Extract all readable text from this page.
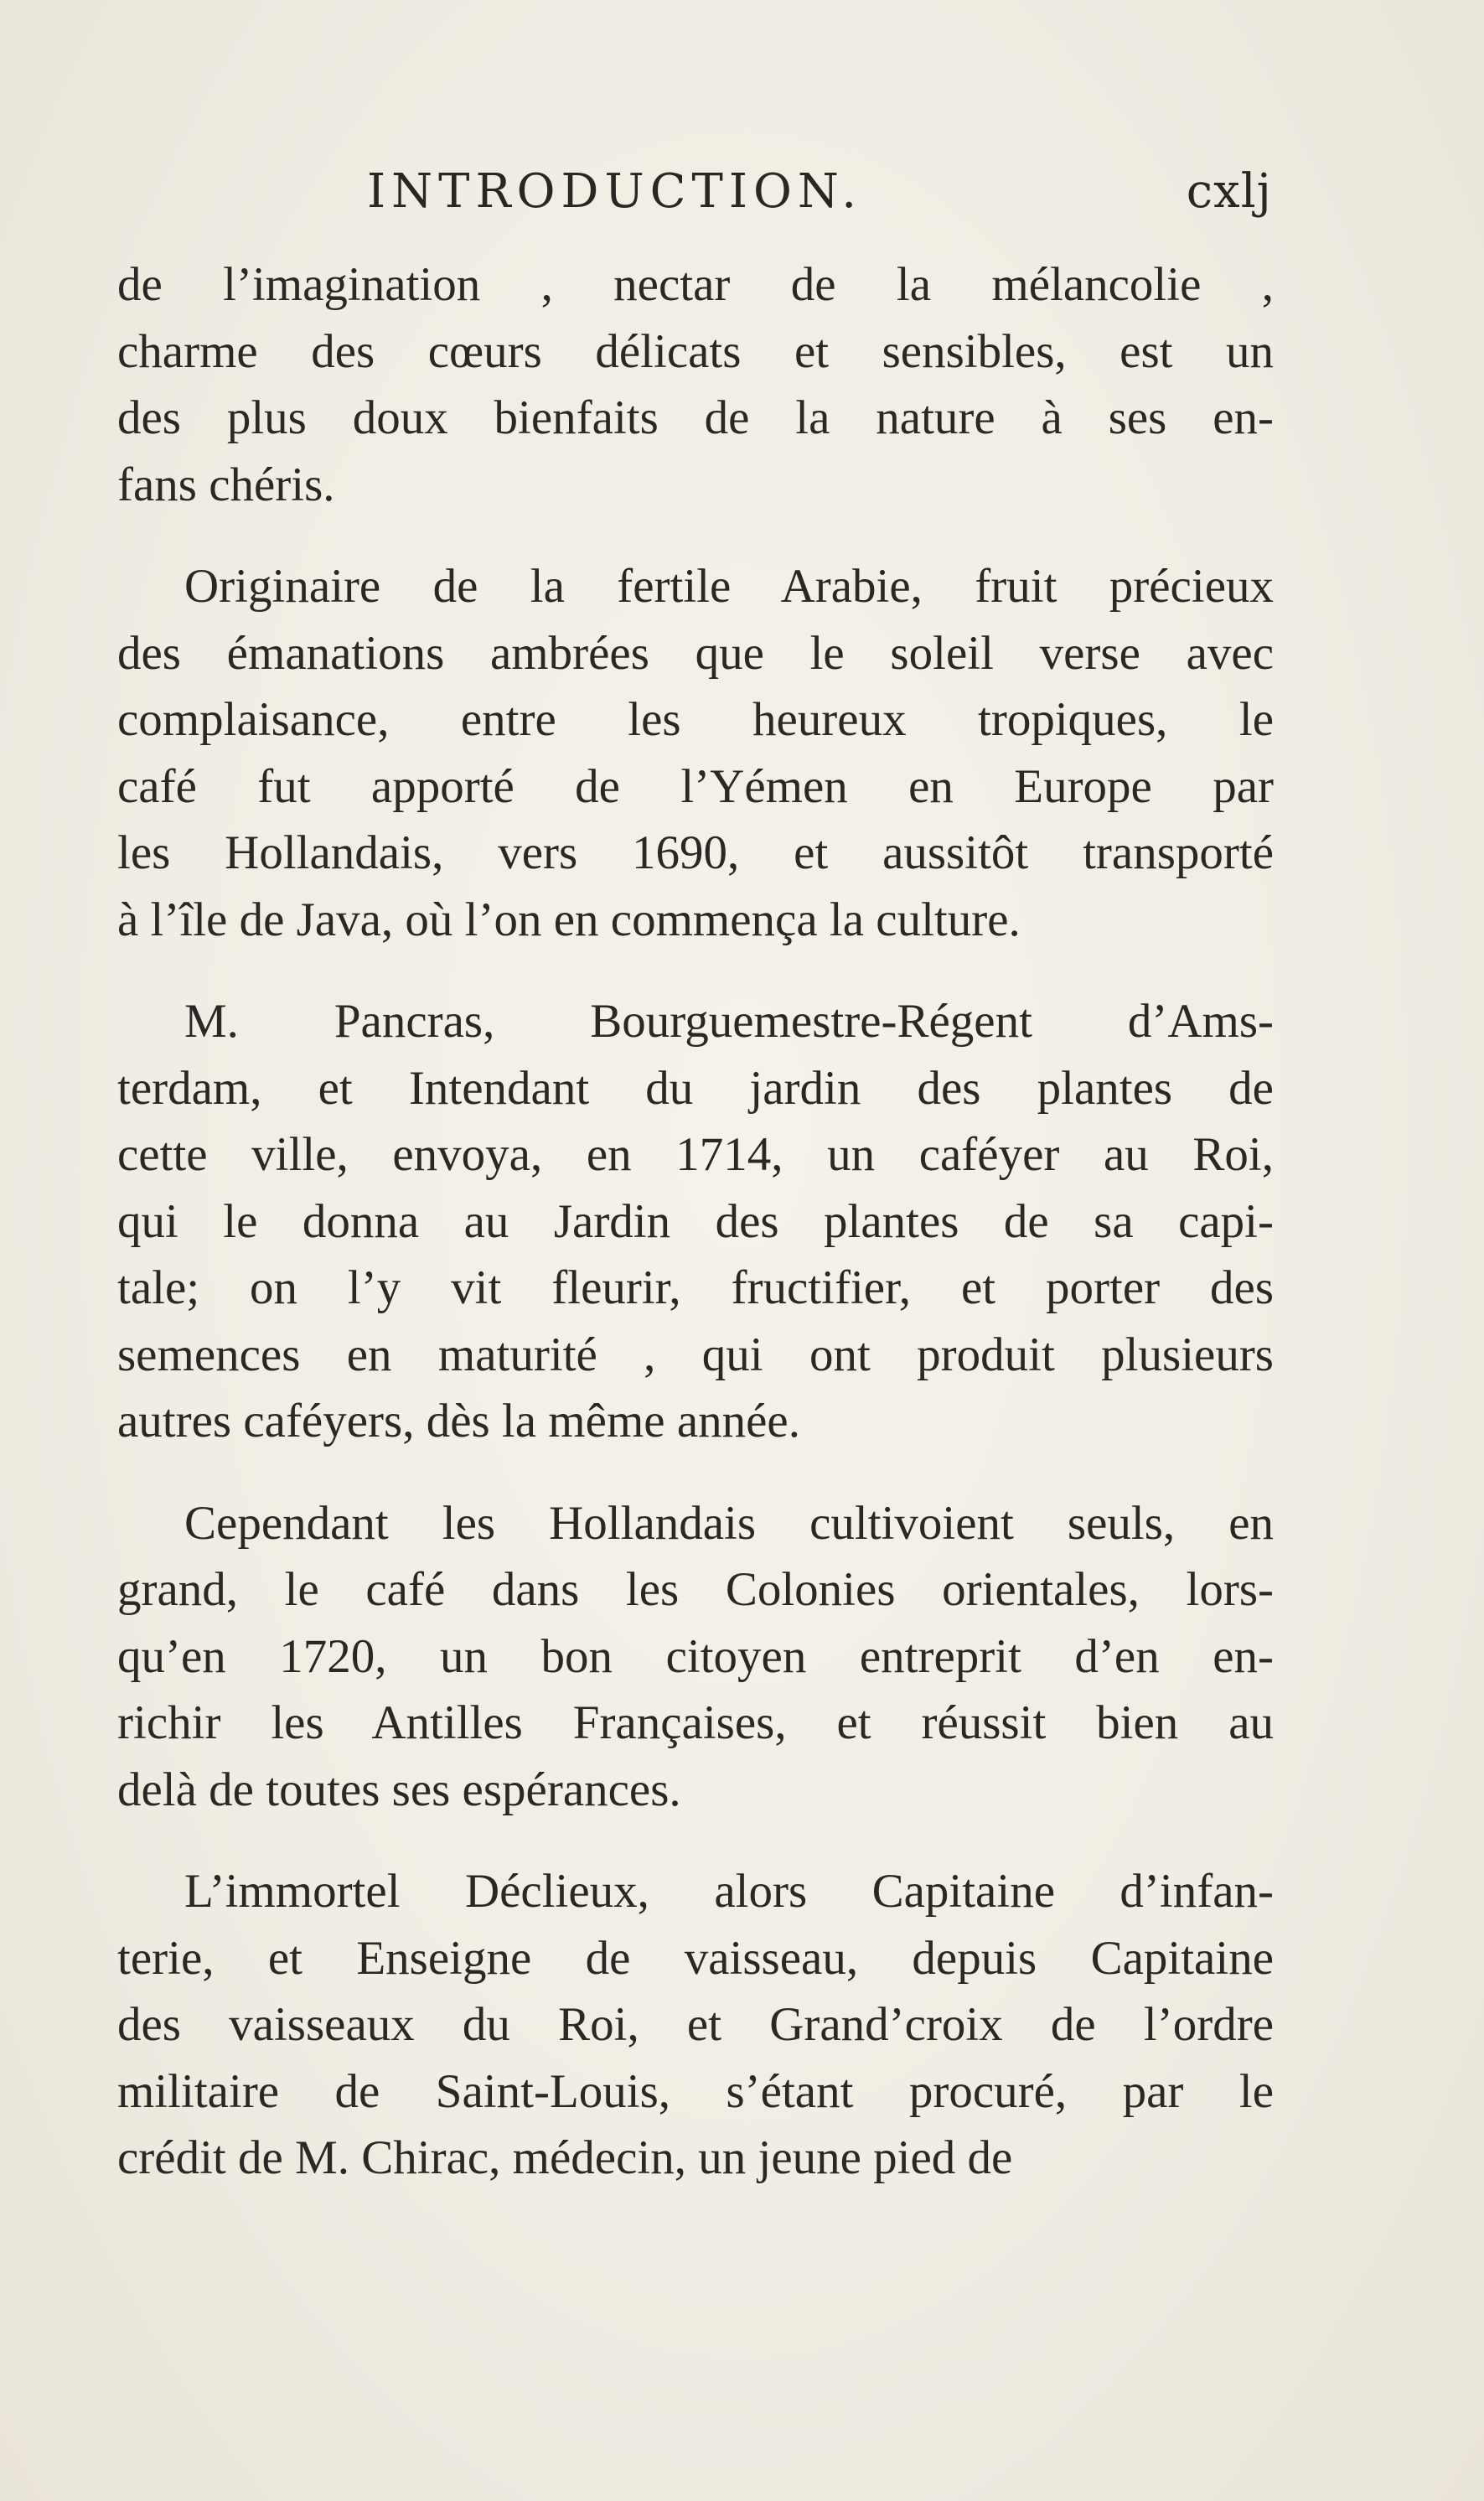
INTRODUCTION.	cxlj
de l’imagination , nectar de la mélancolie ,
charme des cœurs délicats et sensibles, est un
des plus doux bienfaits de la nature à ses en-
fans chéris.
Originaire de la fertile Arabie, fruit précieux
des émanations ambrées que le soleil verse avec
complaisance, entre les heureux tropiques, le
café fut apporté de l’Yémen en Europe par
les Hollandais, vers 1690, et aussitôt transporté
à l’île de Java, où l’on en commença la culture.
M. Pancras, Bourguemestre-Régent d’Ams-
terdam, et Intendant du jardin des plantes de
cette ville, envoya, en 1714, un caféyer au Roi,
qui le donna au Jardin des plantes de sa capi-
tale; on l’y vit fleurir, fructifier, et porter des
semences en maturité , qui ont produit plusieurs
autres caféyers, dès la même année.
Cependant les Hollandais cultivoient seuls, en
grand, le café dans les Colonies orientales, lors-
qu’en 1720, un bon citoyen entreprit d’en en-
richir les Antilles Françaises, et réussit bien au
delà de toutes ses espérances.
L’immortel Déclieux, alors Capitaine d’infan-
terie, et Enseigne de vaisseau, depuis Capitaine
des vaisseaux du Roi, et Grand’croix de l’ordre
militaire de Saint-Louis, s’étant procuré, par le
crédit de M. Chirac, médecin, un jeune pied de
